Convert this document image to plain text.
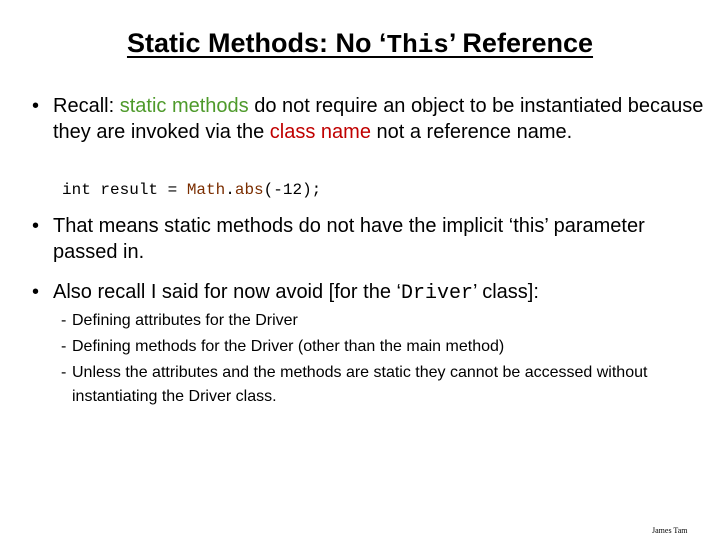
Static Methods: No ‘This’ Reference
• Recall: static methods do not require an object to be instantiated because they are invoked via the class name not a reference name.
int result = Math.abs(-12);
• That means static methods do not have the implicit ‘this’ parameter passed in.
• Also recall I said for now avoid [for the ‘Driver’ class]:
- Defining attributes for the Driver
- Defining methods for the Driver (other than the main method)
- Unless the attributes and the methods are static they cannot be accessed without instantiating the Driver class.
James Tam
